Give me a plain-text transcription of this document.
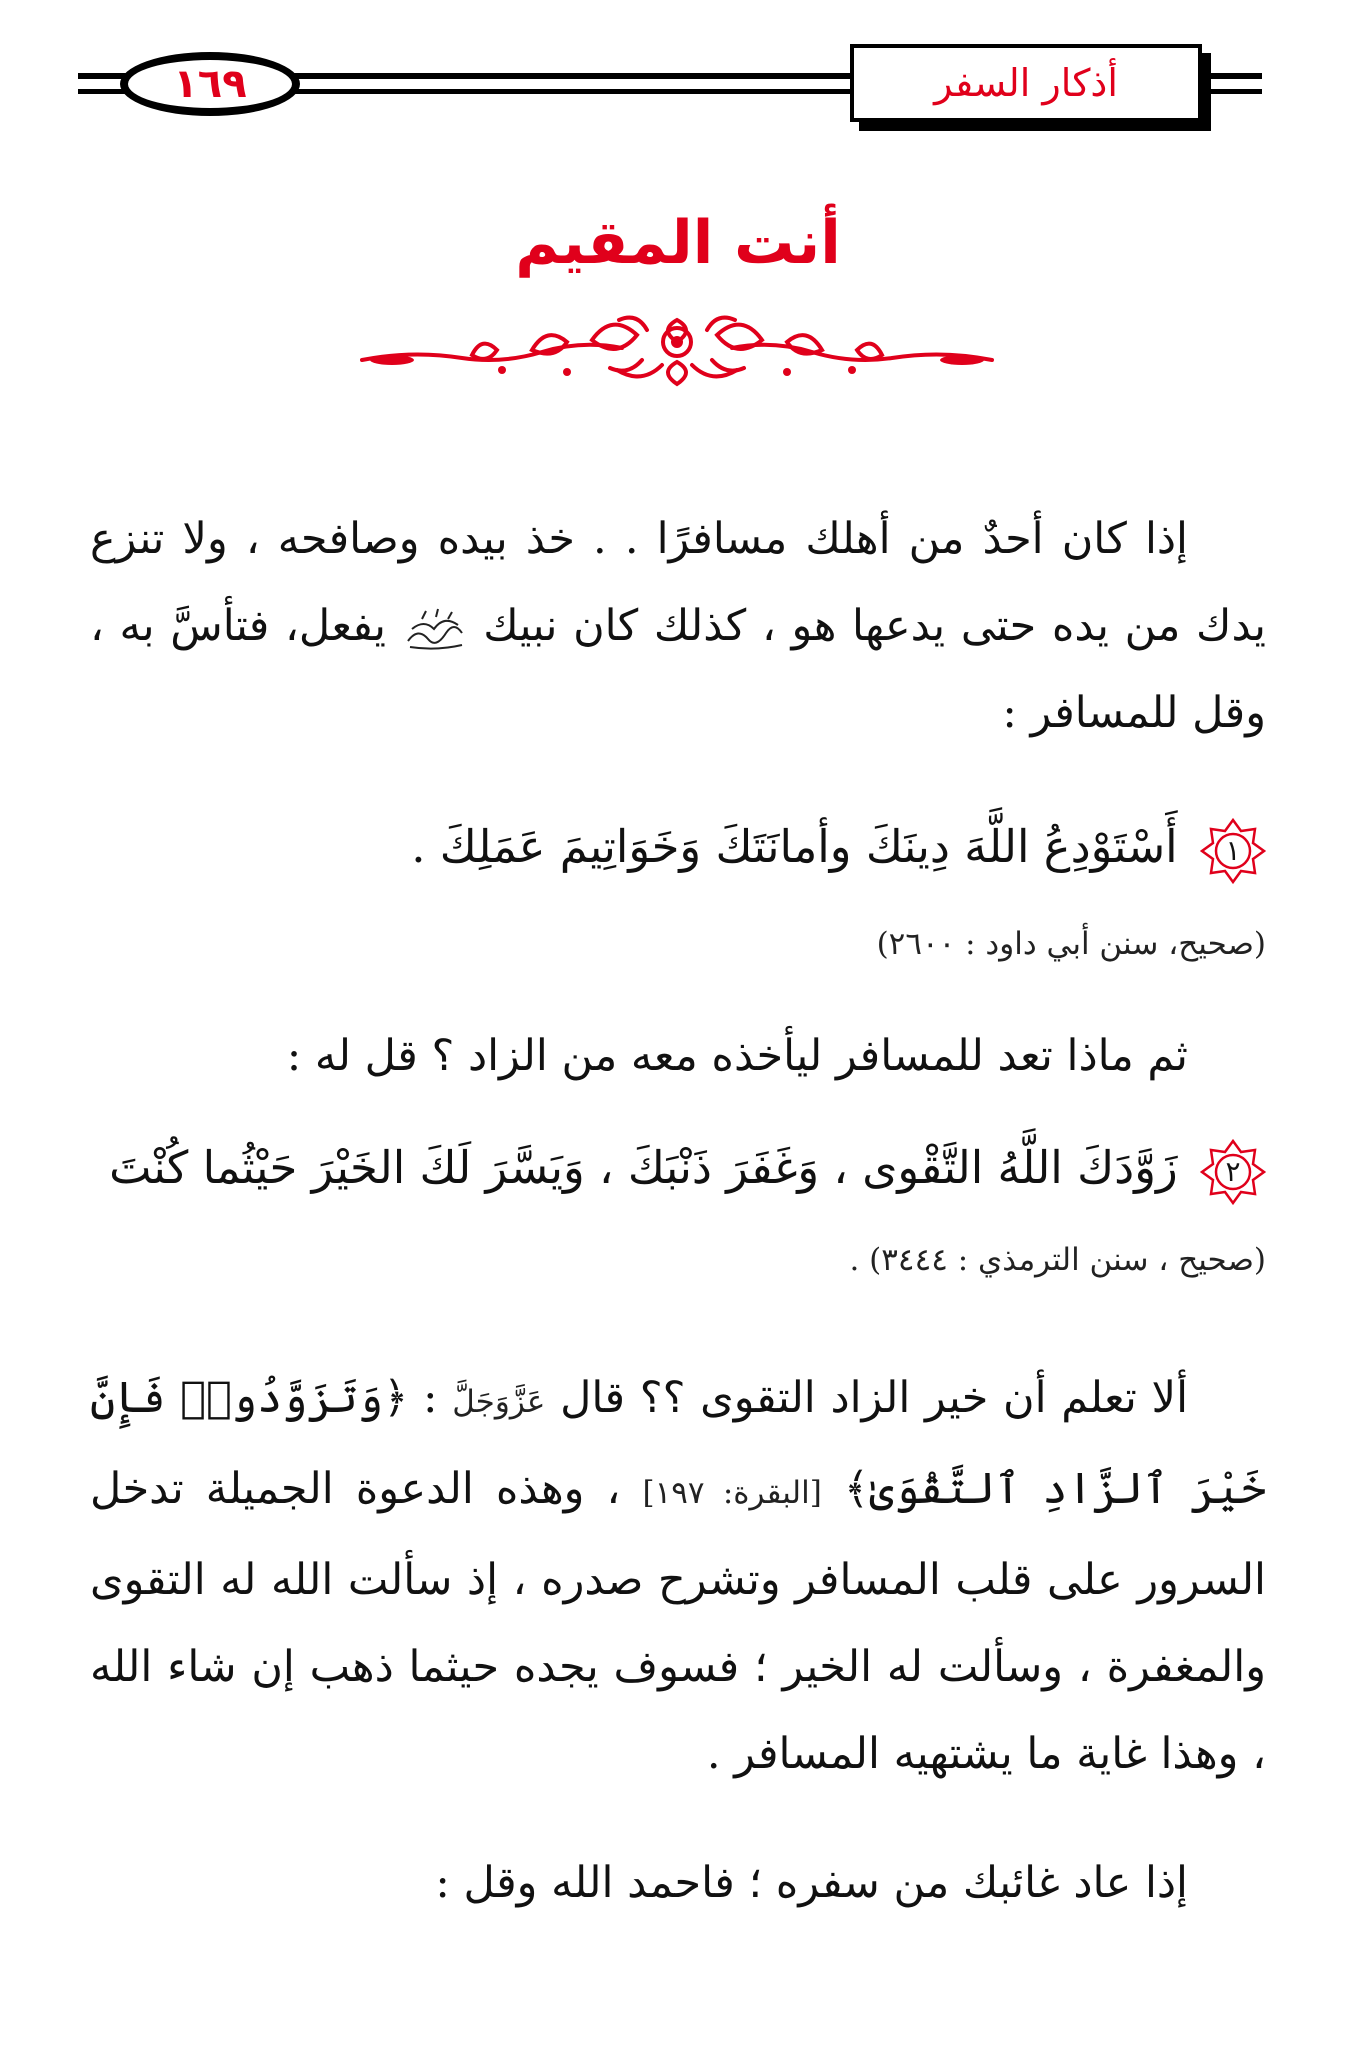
١٦٩	أذكار السفر
أنت المقيم
إذا كان أحدٌ من أهلك مسافرًا . . خذ بيده وصافحه ، ولا تنزع يدك من يده حتى يدعها هو ، كذلك كان نبيك  يفعل، فتأسَّ به ، وقل للمسافر :
١
أَسْتَوْدِعُ اللَّهَ دِينَكَ وأمانَتَكَ وَخَوَاتِيمَ عَمَلِكَ .
(صحيح، سنن أبي داود : ٢٦٠٠)
ثم ماذا تعد للمسافر ليأخذه معه من الزاد ؟ قل له :
٢
زَوَّدَكَ اللَّهُ التَّقْوى ، وَغَفَرَ ذَنْبَكَ ، وَيَسَّرَ لَكَ الخَيْرَ حَيْثُما كُنْتَ (صحيح ، سنن الترمذي : ٣٤٤٤) .
ألا تعلم أن خير الزاد التقوى ؟؟ قال عَزَّوَجَلَّ : ﴿وَتَزَوَّدُوا۟ فَإِنَّ خَيْرَ ٱلزَّادِ ٱلتَّقْوَىٰ﴾ [البقرة: ١٩٧] ، وهذه الدعوة الجميلة تدخل السرور على قلب المسافر وتشرح صدره ، إذ سألت الله له التقوى والمغفرة ، وسألت له الخير ؛ فسوف يجده حيثما ذهب إن شاء الله ، وهذا غاية ما يشتهيه المسافر .
إذا عاد غائبك من سفره ؛ فاحمد الله وقل :
